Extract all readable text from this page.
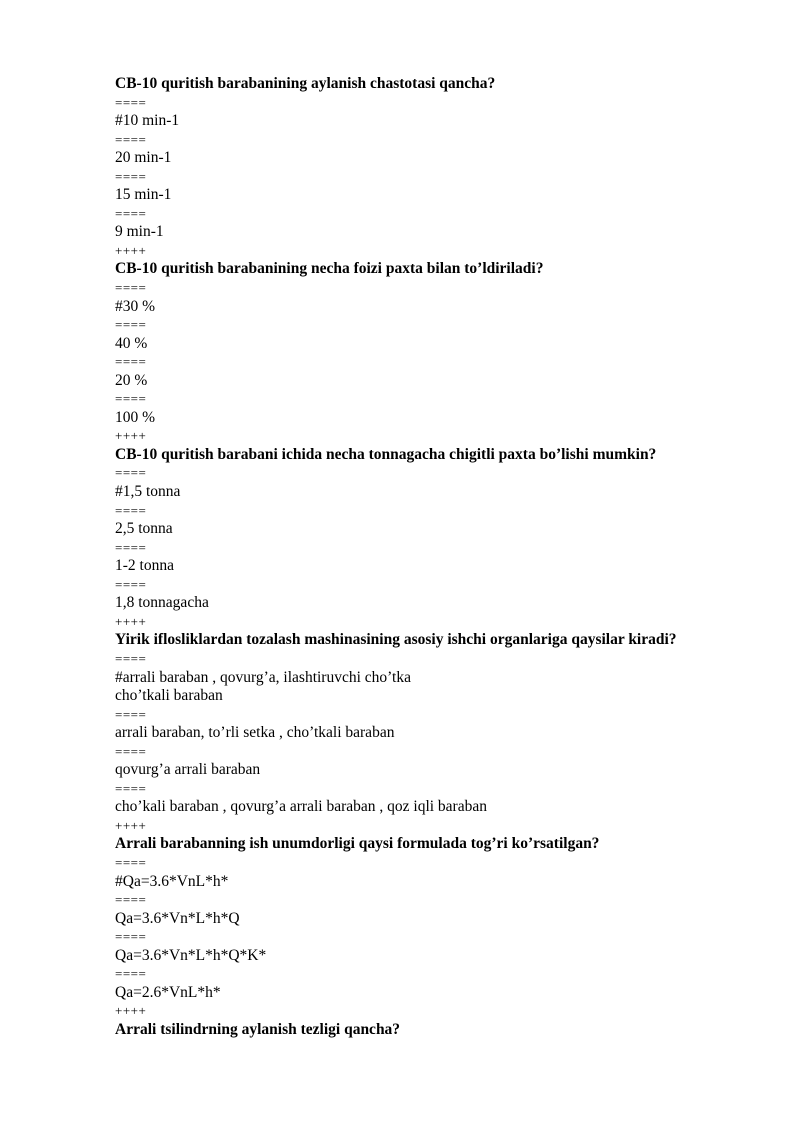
CB-10 quritish barabanining aylanish chastotasi qancha?
====
#10 min-1
====
20 min-1
====
15 min-1
====
9 min-1
++++
CB-10 quritish barabanining necha foizi paxta bilan to’ldiriladi?
====
#30 %
====
40 %
====
20 %
====
100 %
++++
CB-10 quritish barabani ichida necha tonnagacha chigitli paxta bo’lishi mumkin?
====
#1,5 tonna
====
2,5 tonna
====
1-2 tonna
====
1,8 tonnagacha
++++
Yirik iflosliklаrdan tozalash mashinasining asosiy ishchi organlariga qaysilar kiradi?
====
#arrali baraban , qovurg’a, ilashtiruvchi cho’tka
cho’tkali baraban
====
arrali baraban, to’rli setka , cho’tkali baraban
====
qovurg’a arrali baraban
====
cho’kali baraban , qovurg’a arrali baraban , qoz iqli baraban
++++
Arrali barabanning ish unumdorligi qaysi formulada tog’ri ko’rsatilgan?
====
#Qa=3.6*VnL*h*
====
Qa=3.6*Vn*L*h*Q
====
Qa=3.6*Vn*L*h*Q*K*
====
Qa=2.6*VnL*h*
++++
Arrali tsilindrning aylanish tezligi qancha?
